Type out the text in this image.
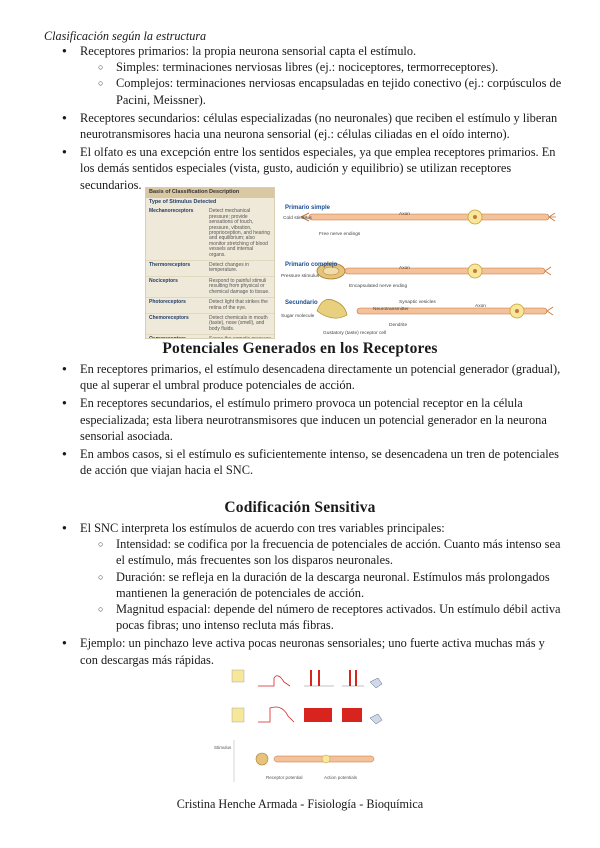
Clasificación según la estructura
● Receptores primarios: la propia neurona sensorial capta el estímulo.
○ Simples: terminaciones nerviosas libres (ej.: nociceptores, termorreceptores).
○ Complejos: terminaciones nerviosas encapsuladas en tejido conectivo (ej.: corpúsculos de Pacini, Meissner).
● Receptores secundarios: células especializadas (no neuronales) que reciben el estímulo y liberan neurotransmisores hacia una neurona sensorial (ej.: células ciliadas en el oído interno).
● El olfato es una excepción entre los sentidos especiales, ya que emplea receptores primarios. En los demás sentidos especiales (vista, gusto, audición y equilibrio) se utilizan receptores secundarios.
Basis of Classification Description
Type of Stimulus Detected
Mechanoreceptors	Detect mechanical pressure; provide sensations of touch, pressure, vibration, proprioception, and hearing and equilibrium; also monitor stretching of blood vessels and internal organs.
Thermoreceptors	Detect changes in temperature.
Nociceptors	Respond to painful stimuli resulting from physical or chemical damage to tissue.
Photoreceptors	Detect light that strikes the retina of the eye.
Chemoreceptors	Detect chemicals in mouth (taste), nose (smell), and body fluids.
Primario simple
Cold stimulus
Free nerve endings
Axon
Primario complejo
Pressure stimulus
Encapsulated nerve ending
Axon
Secundario
Sugar molecule
Gustatory (taste) receptor cell
Synaptic vesicles
Neurotransmitter
Dendrite
Axon
Potenciales Generados en los Receptores
● En receptores primarios, el estímulo desencadena directamente un potencial generador (gradual), que al superar el umbral produce potenciales de acción.
● En receptores secundarios, el estímulo primero provoca un potencial receptor en la célula especializada; esta libera neurotransmisores que inducen un potencial generador en la neurona sensorial asociada.
● En ambos casos, si el estímulo es suficientemente intenso, se desencadena un tren de potenciales de acción que viajan hacia el SNC.
Codificación Sensitiva
● El SNC interpreta los estímulos de acuerdo con tres variables principales:
○ Intensidad: se codifica por la frecuencia de potenciales de acción. Cuanto más intenso sea el estímulo, más frecuentes son los disparos neuronales.
○ Duración: se refleja en la duración de la descarga neuronal. Estímulos más prolongados mantienen la generación de potenciales de acción.
○ Magnitud espacial: depende del número de receptores activados. Un estímulo débil activa pocas fibras; uno intenso recluta más fibras.
● Ejemplo: un pinchazo leve activa pocas neuronas sensoriales; uno fuerte activa muchas más y con descargas más rápidas.
Stimulus
Receptor potential	Action potentials
Cristina Henche Armada - Fisiología - Bioquímica
